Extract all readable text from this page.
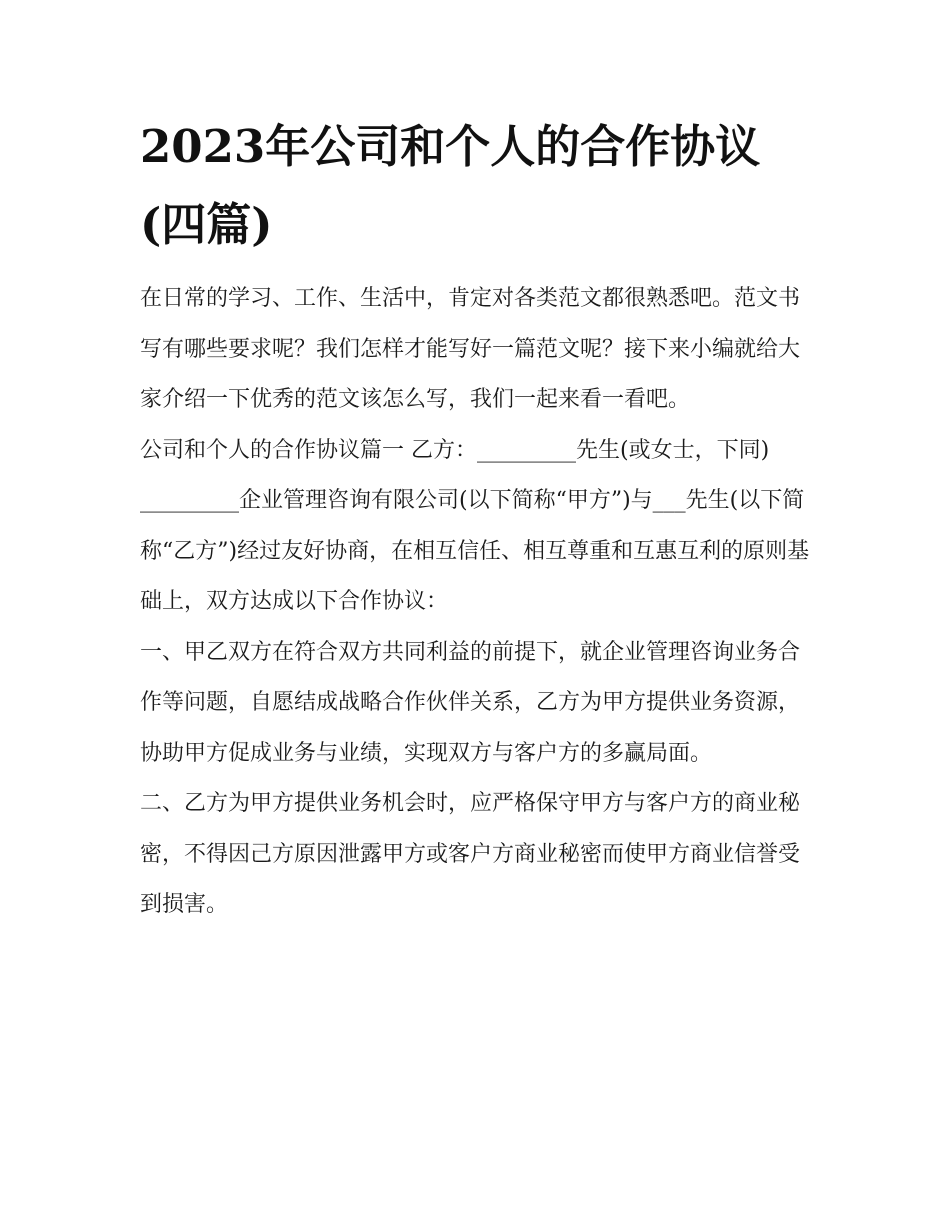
2023年公司和个人的合作协议(四篇)

在日常的学习、工作、生活中，肯定对各类范文都很熟悉吧。范文书写有哪些要求呢？我们怎样才能写好一篇范文呢？接下来小编就给大家介绍一下优秀的范文该怎么写，我们一起来看一看吧。

公司和个人的合作协议篇一 乙方：_________先生(或女士，下同)

_________企业管理咨询有限公司(以下简称“甲方”)与___先生(以下简称“乙方”)经过友好协商，在相互信任、相互尊重和互惠互利的原则基础上，双方达成以下合作协议：

一、甲乙双方在符合双方共同利益的前提下，就企业管理咨询业务合作等问题，自愿结成战略合作伙伴关系，乙方为甲方提供业务资源，协助甲方促成业务与业绩，实现双方与客户方的多赢局面。

二、乙方为甲方提供业务机会时，应严格保守甲方与客户方的商业秘密，不得因己方原因泄露甲方或客户方商业秘密而使甲方商业信誉受到损害。
